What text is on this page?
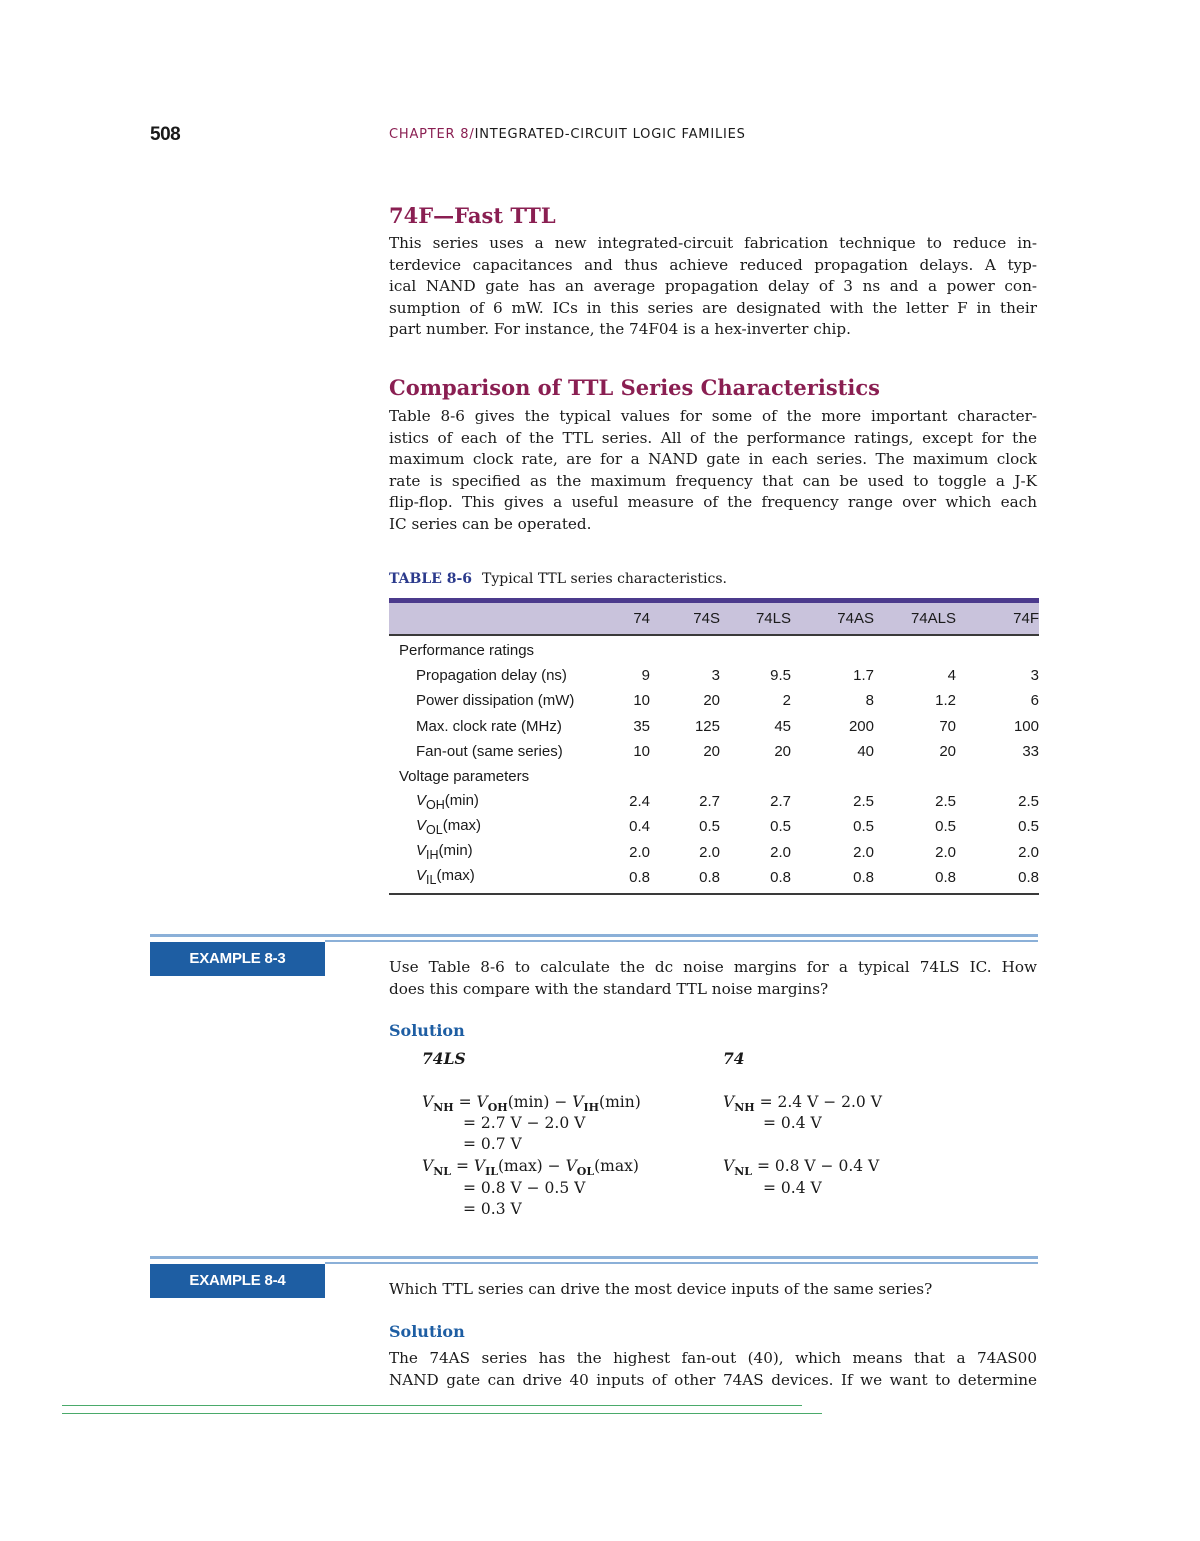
508	CHAPTER 8/INTEGRATED-CIRCUIT LOGIC FAMILIES
74F—Fast TTL
This series uses a new integrated-circuit fabrication technique to reduce in-
terdevice capacitances and thus achieve reduced propagation delays. A typ-
ical NAND gate has an average propagation delay of 3 ns and a power con-
sumption of 6 mW. ICs in this series are designated with the letter F in their
part number. For instance, the 74F04 is a hex-inverter chip.
Comparison of TTL Series Characteristics
Table 8-6 gives the typical values for some of the more important character-
istics of each of the TTL series. All of the performance ratings, except for the
maximum clock rate, are for a NAND gate in each series. The maximum clock
rate is specified as the maximum frequency that can be used to toggle a J-K
flip-flop. This gives a useful measure of the frequency range over which each
IC series can be operated.
TABLE 8-6 Typical TTL series characteristics.
	74	74S	74LS	74AS	74ALS	74F
Performance ratings						
Propagation delay (ns)	9	3	9.5	1.7	4	3
Power dissipation (mW)	10	20	2	8	1.2	6
Max. clock rate (MHz)	35	125	45	200	70	100
Fan-out (same series)	10	20	20	40	20	33
Voltage parameters						
$V_{OH}(\min)$	2.4	2.7	2.7	2.5	2.5	2.5
$V_{OL}(\max)$	0.4	0.5	0.5	0.5	0.5	0.5
$V_{IH}(\min)$	2.0	2.0	2.0	2.0	2.0	2.0
$V_{IL}(\max)$	0.8	0.8	0.8	0.8	0.8	0.8
EXAMPLE 8-3	Use Table 8-6 to calculate the dc noise margins for a typical 74LS IC. How
does this compare with the standard TTL noise margins?
Solution
74LS	74
$V_{NH} = V_{OH}(\min) - V_{IH}(\min)$
= 2.7 V − 2.0 V
= 0.7 V
$V_{NL} = V_{IL}(\max) - V_{OL}(\max)$
= 0.8 V − 0.5 V
= 0.3 V
$V_{NH} = 2.4$ V − 2.0 V
= 0.4 V
$V_{NL} = 0.8$ V − 0.4 V
= 0.4 V
EXAMPLE 8-4	Which TTL series can drive the most device inputs of the same series?
Solution
The 74AS series has the highest fan-out (40), which means that a 74AS00
NAND gate can drive 40 inputs of other 74AS devices. If we want to determine
